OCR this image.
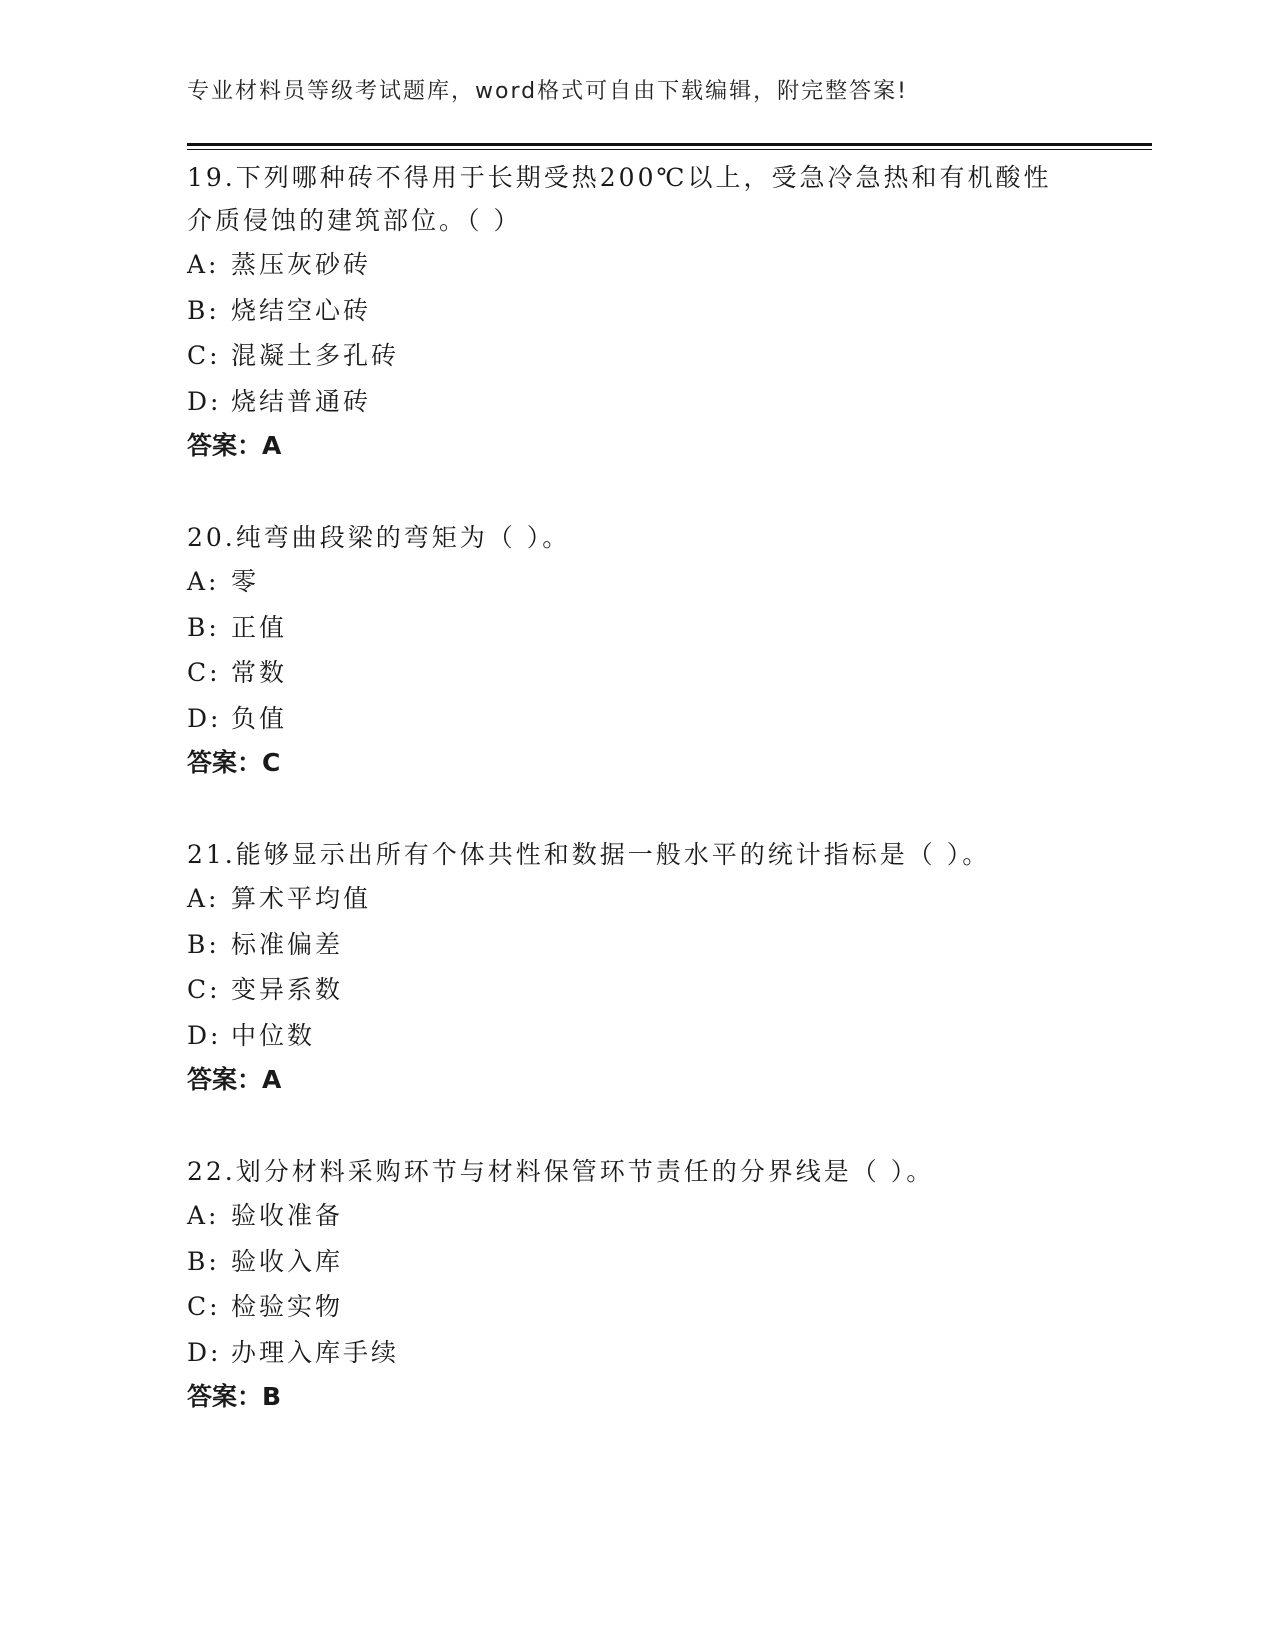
专业材料员等级考试题库，word格式可自由下载编辑，附完整答案!

19.下列哪种砖不得用于长期受热200℃以上，受急冷急热和有机酸性

介质侵蚀的建筑部位。（ ）

A: 蒸压灰砂砖

B: 烧结空心砖

C: 混凝土多孔砖

D: 烧结普通砖

答案：A

20.纯弯曲段梁的弯矩为（ ）。

A: 零

B: 正值

C: 常数

D: 负值

答案：C

21.能够显示出所有个体共性和数据一般水平的统计指标是（ ）。

A: 算术平均值

B: 标准偏差

C: 变异系数

D: 中位数

答案：A

22.划分材料采购环节与材料保管环节责任的分界线是（ ）。

A: 验收准备

B: 验收入库

C: 检验实物

D: 办理入库手续

答案：B
